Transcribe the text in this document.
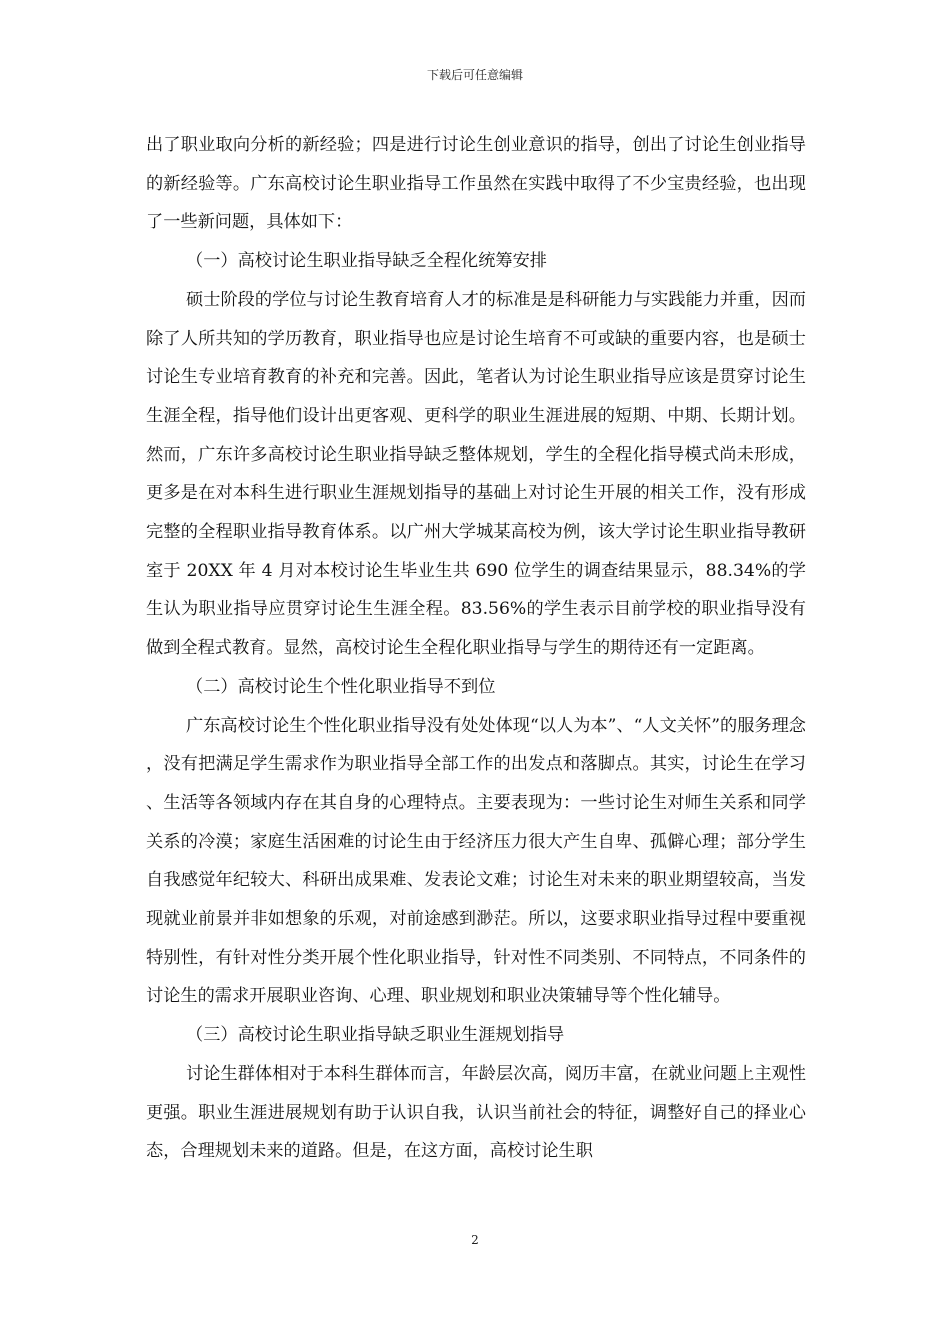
下载后可任意编辑

出了职业取向分析的新经验；四是进行讨论生创业意识的指导，创出了讨论生创业指导的新经验等。广东高校讨论生职业指导工作虽然在实践中取得了不少宝贵经验，也出现了一些新问题，具体如下：

（一）高校讨论生职业指导缺乏全程化统筹安排

硕士阶段的学位与讨论生教育培育人才的标准是是科研能力与实践能力并重，因而除了人所共知的学历教育，职业指导也应是讨论生培育不可或缺的重要内容，也是硕士讨论生专业培育教育的补充和完善。因此，笔者认为讨论生职业指导应该是贯穿讨论生生涯全程，指导他们设计出更客观、更科学的职业生涯进展的短期、中期、长期计划。然而，广东许多高校讨论生职业指导缺乏整体规划，学生的全程化指导模式尚未形成，更多是在对本科生进行职业生涯规划指导的基础上对讨论生开展的相关工作，没有形成完整的全程职业指导教育体系。以广州大学城某高校为例，该大学讨论生职业指导教研室于 20XX 年 4 月对本校讨论生毕业生共 690 位学生的调查结果显示，88.34%的学生认为职业指导应贯穿讨论生生涯全程。83.56%的学生表示目前学校的职业指导没有做到全程式教育。显然，高校讨论生全程化职业指导与学生的期待还有一定距离。

（二）高校讨论生个性化职业指导不到位

广东高校讨论生个性化职业指导没有处处体现“以人为本”、“人文关怀”的服务理念，没有把满足学生需求作为职业指导全部工作的出发点和落脚点。其实，讨论生在学习、生活等各领域内存在其自身的心理特点。主要表现为：一些讨论生对师生关系和同学关系的冷漠；家庭生活困难的讨论生由于经济压力很大产生自卑、孤僻心理；部分学生自我感觉年纪较大、科研出成果难、发表论文难；讨论生对未来的职业期望较高，当发现就业前景并非如想象的乐观，对前途感到渺茫。所以，这要求职业指导过程中要重视特别性，有针对性分类开展个性化职业指导，针对性不同类别、不同特点，不同条件的讨论生的需求开展职业咨询、心理、职业规划和职业决策辅导等个性化辅导。

（三）高校讨论生职业指导缺乏职业生涯规划指导

讨论生群体相对于本科生群体而言，年龄层次高，阅历丰富，在就业问题上主观性更强。职业生涯进展规划有助于认识自我，认识当前社会的特征，调整好自己的择业心态，合理规划未来的道路。但是，在这方面，高校讨论生职

2
